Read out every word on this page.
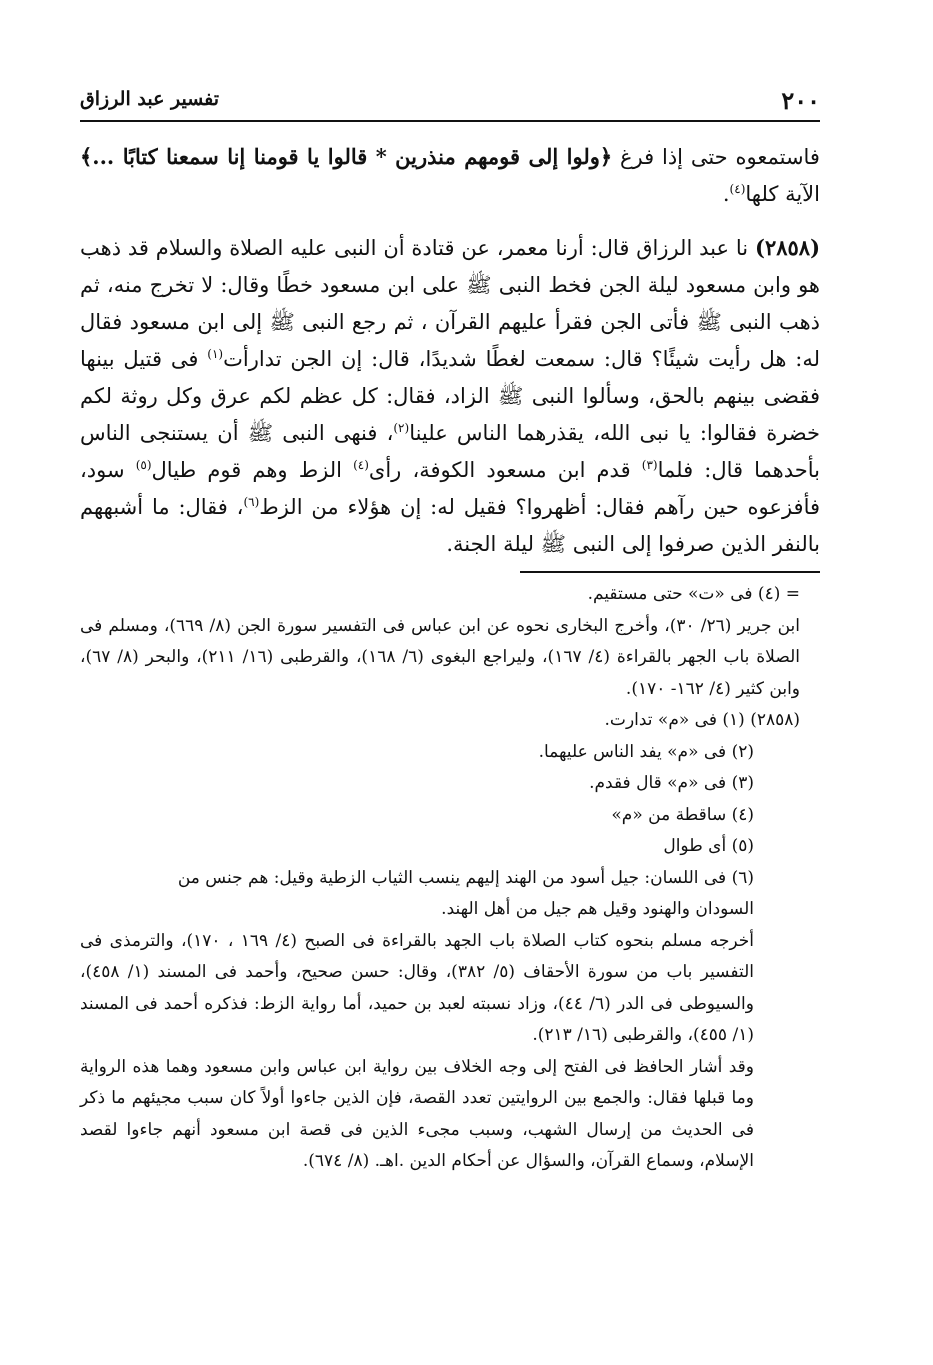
٢٠٠
تفسير عبد الرزاق

فاستمعوه حتى إذا فرغ ﴿ولوا إلى قومهم منذرين * قالوا يا قومنا إنا سمعنا كتابًا ...﴾ الآية كلها$^{(٤)}$.

(٢٨٥٨) نا عبد الرزاق قال: أرنا معمر، عن قتادة أن النبى عليه الصلاة والسلام قد ذهب هو وابن مسعود ليلة الجن فخط النبى ﷺ على ابن مسعود خطًا وقال: لا تخرج منه، ثم ذهب النبى ﷺ فأتى الجن فقرأ عليهم القرآن ، ثم رجع النبى ﷺ إلى ابن مسعود فقال له: هل رأيت شيئًا؟ قال: سمعت لغطًا شديدًا، قال: إن الجن تدارأت$^{(١)}$ فى قتيل بينها فقضى بينهم بالحق، وسألوا النبى ﷺ الزاد، فقال: كل عظم لكم عرق وكل روثة لكم خضرة فقالوا: يا نبى الله، يقذرهما الناس علينا$^{(٢)}$، فنهى النبى ﷺ أن يستنجى الناس بأحدهما قال: فلما$^{(٣)}$ قدم ابن مسعود الكوفة، رأى$^{(٤)}$ الزط وهم قوم طيال$^{(٥)}$ سود، فأفزعوه حين رآهم فقال: أظهروا؟ فقيل له: إن هؤلاء من الزط$^{(٦)}$، فقال: ما أشبههم بالنفر الذين صرفوا إلى النبى ﷺ ليلة الجنة.

= (٤) فى «ت» حتى مستقيم.

ابن جرير (٢٦/ ٣٠)، وأخرج البخارى نحوه عن ابن عباس فى التفسير سورة الجن (٨/ ٦٦٩)، ومسلم فى الصلاة باب الجهر بالقراءة (٤/ ١٦٧)، وليراجع البغوى (٦/ ١٦٨)، والقرطبى (١٦/ ٢١١)، والبحر (٨/ ٦٧)، وابن كثير (٤/ ١٦٢- ١٧٠).

(٢٨٥٨) (١) فى «م» تدارت.

(٢) فى «م» يفد الناس عليهما.

(٣) فى «م» قال فقدم.

(٤) ساقطة من «م»

(٥) أى طوال

(٦) فى اللسان: جيل أسود من الهند إليهم ينسب الثياب الزطية وقيل: هم جنس من
السودان والهنود وقيل هم جيل من أهل الهند.

أخرجه مسلم بنحوه كتاب الصلاة باب الجهد بالقراءة فى الصبح (٤/ ١٦٩ ، ١٧٠)، والترمذى فى التفسير باب من سورة الأحقاف (٥/ ٣٨٢)، وقال: حسن صحيح، وأحمد فى المسند (١/ ٤٥٨)، والسيوطى فى الدر (٦/ ٤٤)، وزاد نسبته لعبد بن حميد، أما رواية الزط: فذكره أحمد فى المسند (١/ ٤٥٥)، والقرطبى (١٦/ ٢١٣).

وقد أشار الحافظ فى الفتح إلى وجه الخلاف بين رواية ابن عباس وابن مسعود وهما هذه الرواية وما قبلها فقال: والجمع بين الروايتين تعدد القصة، فإن الذين جاءوا أولاً كان سبب مجيئهم ما ذكر فى الحديث من إرسال الشهب، وسبب مجىء الذين فى قصة ابن مسعود أنهم جاءوا لقصد الإسلام، وسماع القرآن، والسؤال عن أحكام الدين .اهـ. (٨/ ٦٧٤).
